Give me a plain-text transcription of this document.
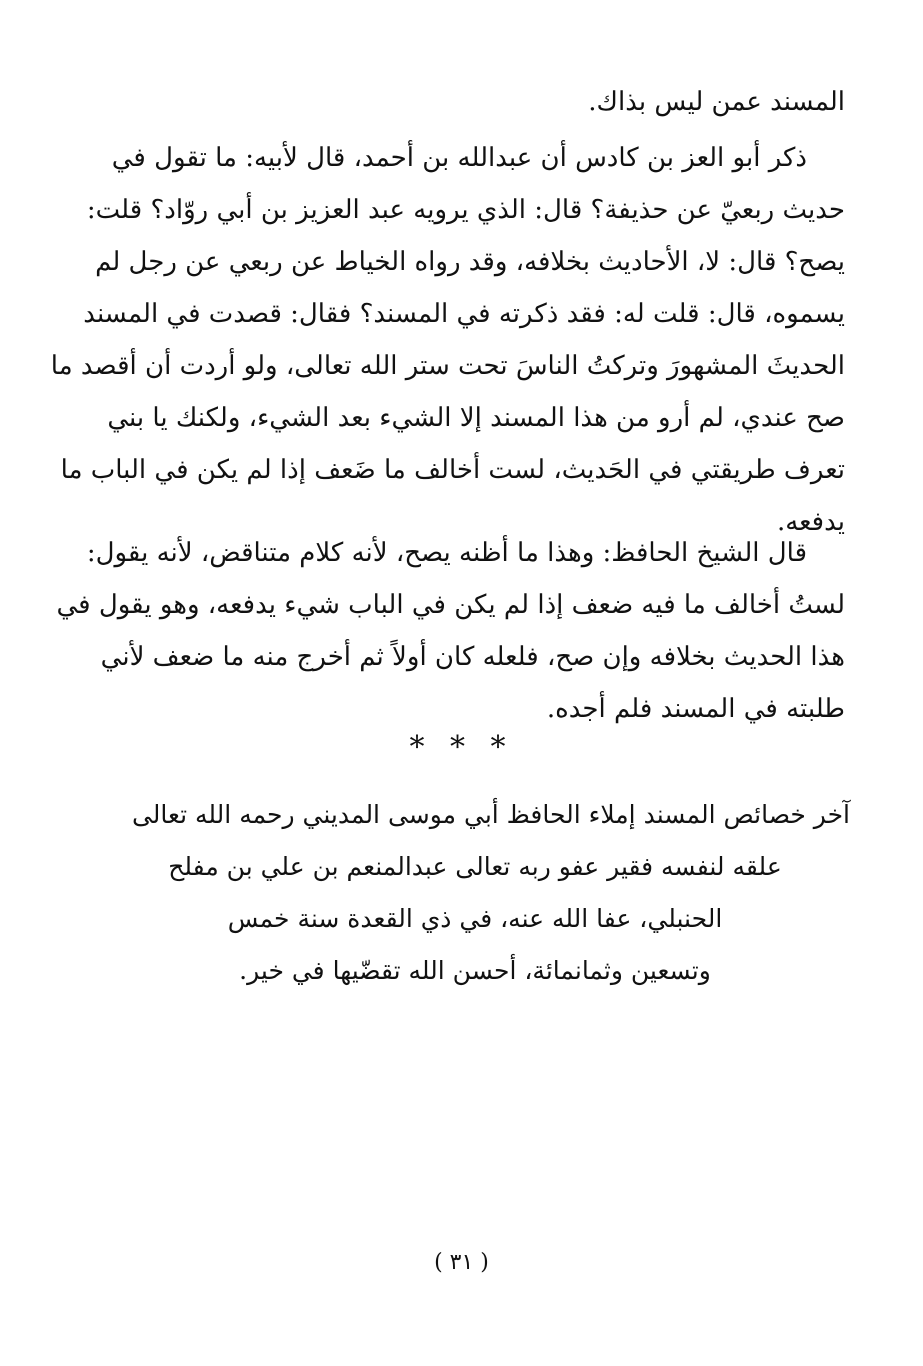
المسند عمن ليس بذاك.
ذكر أبو العز بن كادس أن عبدالله بن أحمد، قال لأبيه: ما تقول في
حديث ربعيّ عن حذيفة؟ قال: الذي يرويه عبد العزيز بن أبي روّاد؟ قلت:
يصح؟ قال: لا، الأحاديث بخلافه، وقد رواه الخياط عن ربعي عن رجل لم
يسموه، قال: قلت له: فقد ذكرته في المسند؟ فقال: قصدت في المسند
الحديثَ المشهورَ وتركتُ الناسَ تحت ستر الله تعالى، ولو أردت أن أقصد ما
صح عندي، لم أرو من هذا المسند إلا الشيء بعد الشيء، ولكنك يا بني
تعرف طريقتي في الحَديث، لست أخالف ما ضَعف إذا لم يكن في الباب ما
يدفعه.
قال الشيخ الحافظ: وهذا ما أظنه يصح، لأنه كلام متناقض، لأنه يقول:
لستُ أخالف ما فيه ضعف إذا لم يكن في الباب شيء يدفعه، وهو يقول في
هذا الحديث بخلافه وإن صح، فلعله كان أولاً ثم أخرج منه ما ضعف لأني
طلبته في المسند فلم أجده.
* * *
آخر خصائص المسند إملاء الحافظ أبي موسى المديني رحمه الله تعالى
علقه لنفسه فقير عفو ربه تعالى عبدالمنعم بن علي بن مفلح
الحنبلي، عفا الله عنه، في ذي القعدة سنة خمس
وتسعين وثمانمائة، أحسن الله تقضّيها في خير.
( ٣١ )
